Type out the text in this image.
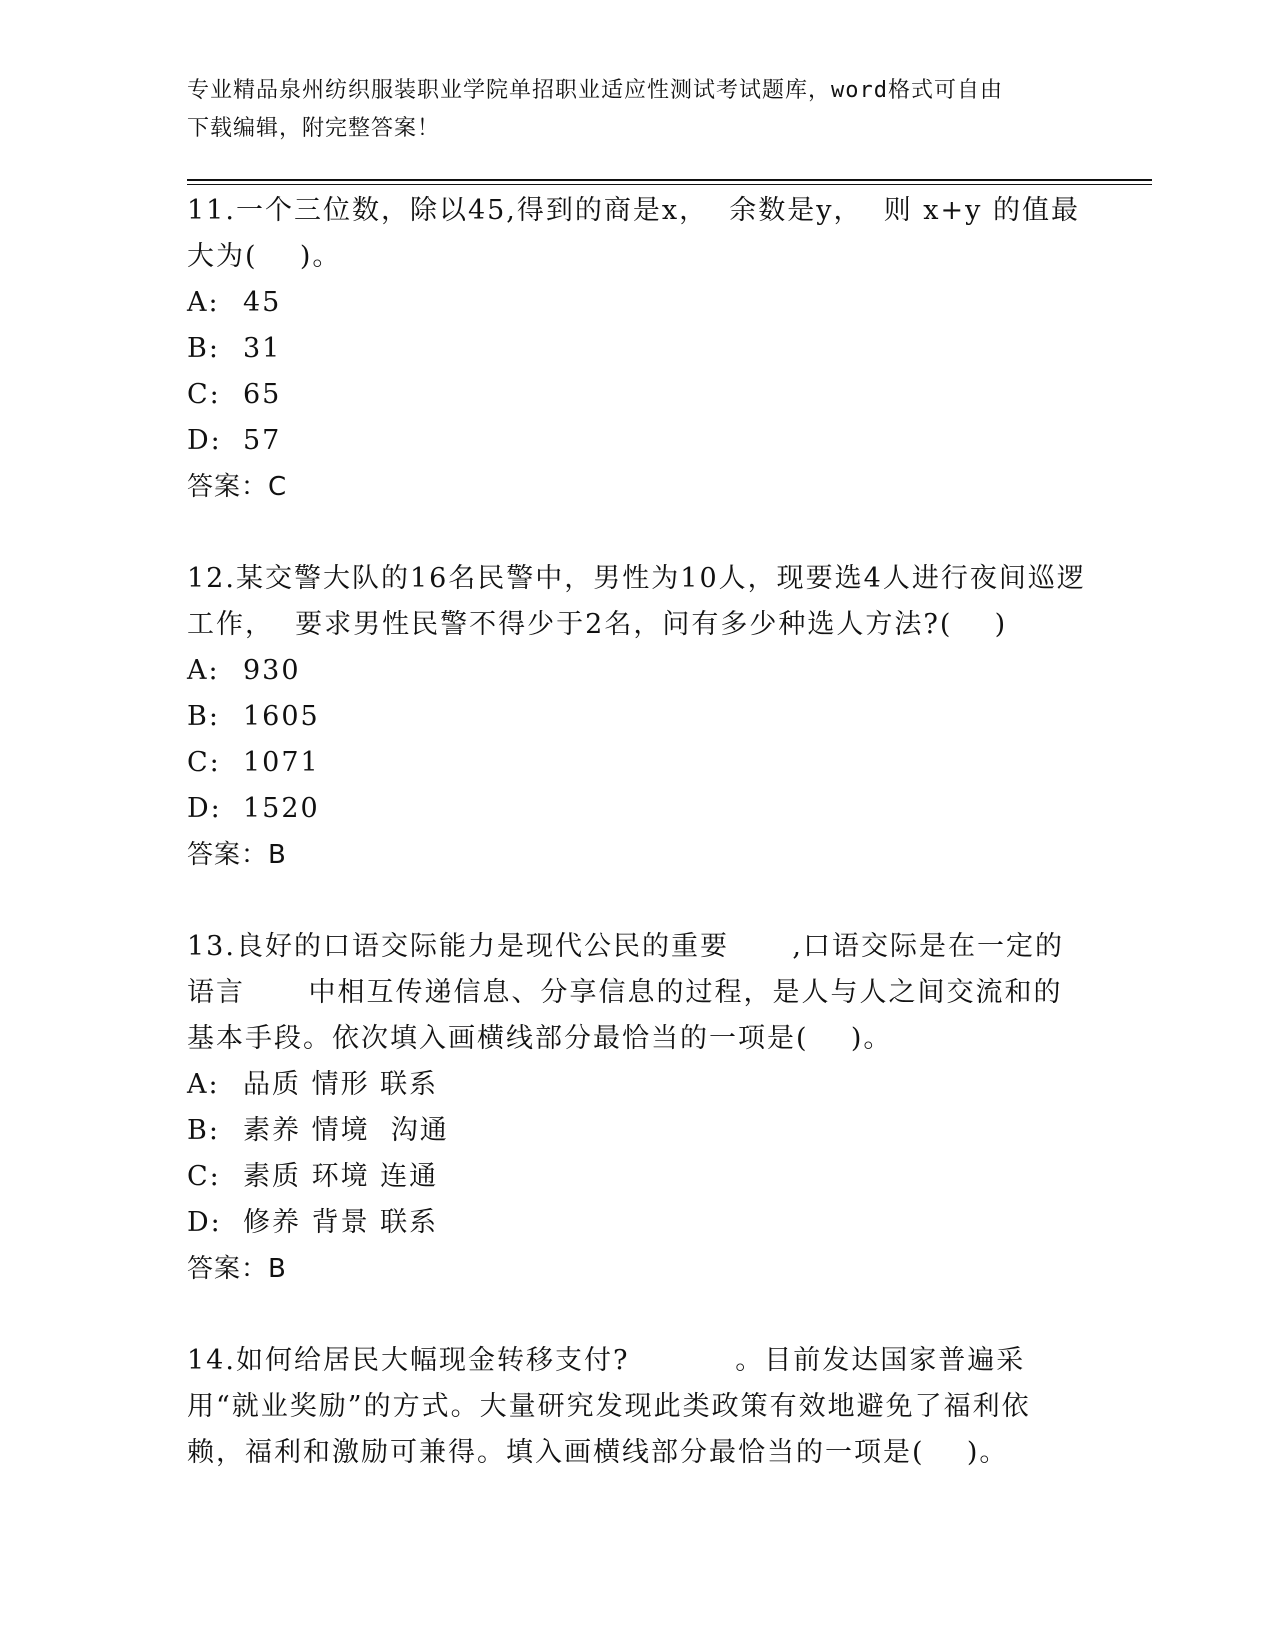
专业精品泉州纺织服装职业学院单招职业适应性测试考试题库，word格式可自由
下载编辑，附完整答案！

11.一个三位数，除以45,得到的商是x，  余数是y，  则 x+y 的值最大为(    )。

A: 45
B: 31
C: 65
D: 57
答案：C

12.某交警大队的16名民警中，男性为10人，现要选4人进行夜间巡逻工作，  要求男性民警不得少于2名，问有多少种选人方法?(    )

A: 930
B: 1605
C: 1071
D: 1520
答案：B

13.良好的口语交际能力是现代公民的重要      ,口语交际是在一定的语言      中相互传递信息、分享信息的过程，是人与人之间交流和的基本手段。依次填入画横线部分最恰当的一项是(    )。

A: 品质 情形 联系
B: 素养 情境  沟通
C: 素质 环境 连通
D: 修养 背景 联系
答案：B

14.如何给居民大幅现金转移支付?          。目前发达国家普遍采用“就业奖励”的方式。大量研究发现此类政策有效地避免了福利依赖，福利和激励可兼得。填入画横线部分最恰当的一项是(    )。
